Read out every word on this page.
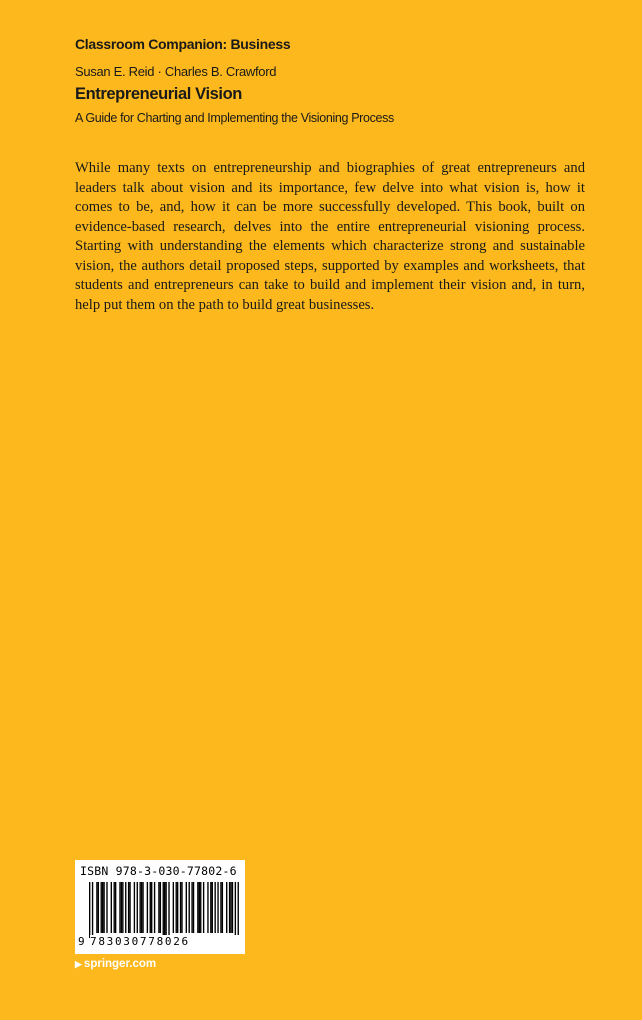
Classroom Companion: Business
Susan E. Reid · Charles B. Crawford
Entrepreneurial Vision
A Guide for Charting and Implementing the Visioning Process
While many texts on entrepreneurship and biographies of great entrepreneurs and leaders talk about vision and its importance, few delve into what vision is, how it comes to be, and, how it can be more successfully developed. This book, built on evidence-based research, delves into the entire entrepreneurial visioning process. Starting with understanding the elements which characterize strong and sustainable vision, the authors detail proposed steps, supported by examples and worksheets, that students and entrepreneurs can take to build and implement their vision and, in turn, help put them on the path to build great businesses.
ISBN 978-3-030-77802-6
9 783030778026
▶ springer.com
